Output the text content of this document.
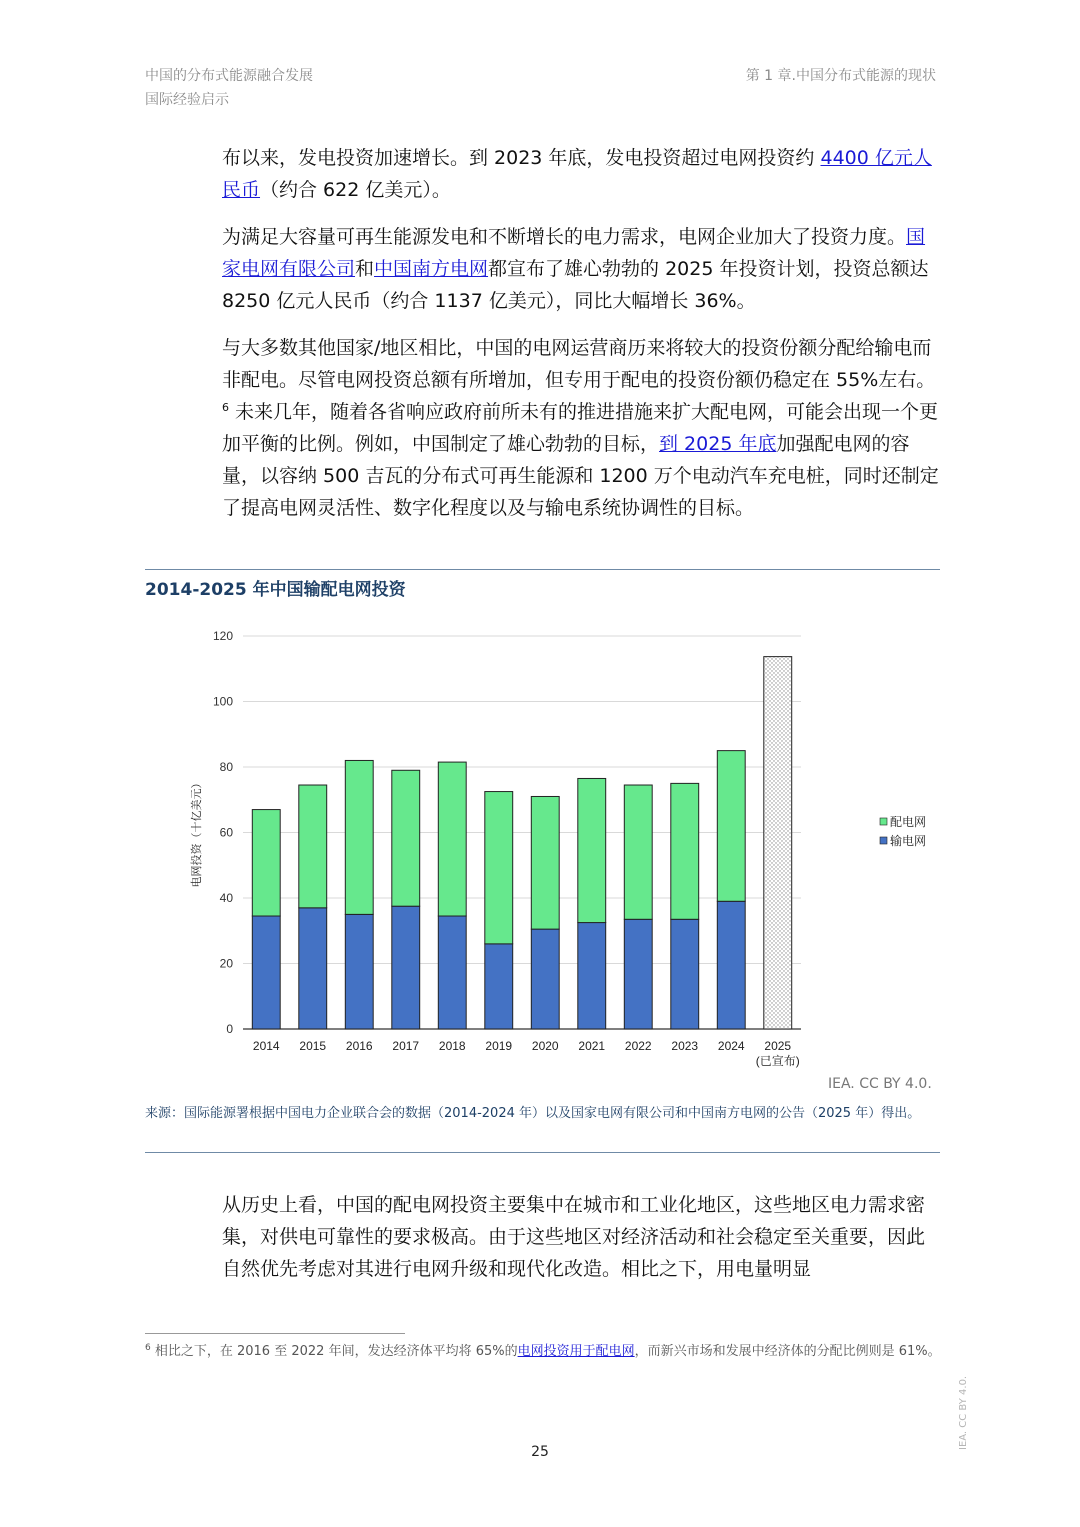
中国的分布式能源融合发展
国际经验启示
第 1 章.中国分布式能源的现状

布以来，发电投资加速增长。到 2023 年底，发电投资超过电网投资约 4400 亿元人民币（约合 622 亿美元）。

为满足大容量可再生能源发电和不断增长的电力需求，电网企业加大了投资力度。国家电网有限公司和中国南方电网都宣布了雄心勃勃的 2025 年投资计划，投资总额达 8250 亿元人民币（约合 1137 亿美元），同比大幅增长 36%。

与大多数其他国家/地区相比，中国的电网运营商历来将较大的投资份额分配给输电而非配电。尽管电网投资总额有所增加，但专用于配电的投资份额仍稳定在 55%左右。$^6$ 未来几年，随着各省响应政府前所未有的推进措施来扩大配电网，可能会出现一个更加平衡的比例。例如，中国制定了雄心勃勃的目标，到 2025 年底加强配电网的容量，以容纳 500 吉瓦的分布式可再生能源和 1200 万个电动汽车充电桩，同时还制定了提高电网灵活性、数字化程度以及与输电系统协调性的目标。

2014-2025 年中国输配电网投资
0
20
40
60
80
100
120
电网投资（十亿美元）
2014 2015 2016 2017 2018 2019 2020 2021 2022 2023 2024 2025
(已宣布)
配电网
输电网
IEA. CC BY 4.0.
来源：国际能源署根据中国电力企业联合会的数据（2014-2024 年）以及国家电网有限公司和中国南方电网的公告（2025 年）得出。

从历史上看，中国的配电网投资主要集中在城市和工业化地区，这些地区电力需求密集，对供电可靠性的要求极高。由于这些地区对经济活动和社会稳定至关重要，因此自然优先考虑对其进行电网升级和现代化改造。相比之下，用电量明显

$^6$ 相比之下，在 2016 至 2022 年间，发达经济体平均将 65%的电网投资用于配电网，而新兴市场和发展中经济体的分配比例则是 61%。
25
IEA. CC BY 4.0.
